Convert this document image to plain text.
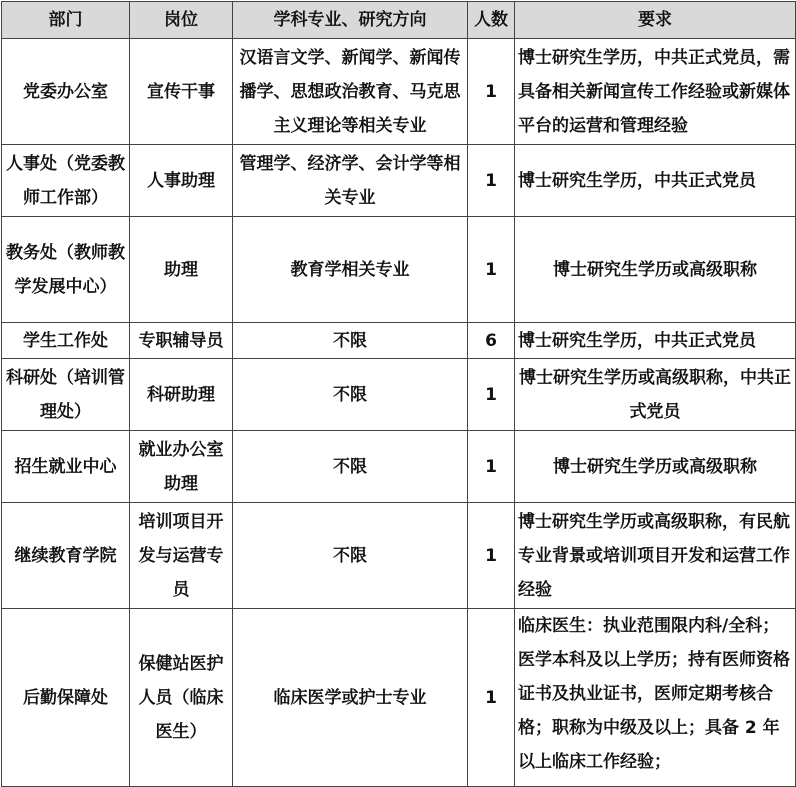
部门	岗位	学科专业、研究方向	人数	要求
党委办公室	宣传干事	汉语言文学、新闻学、新闻传播学、思想政治教育、马克思主义理论等相关专业	1	博士研究生学历，中共正式党员，需具备相关新闻宣传工作经验或新媒体平台的运营和管理经验
人事处（党委教师工作部）	人事助理	管理学、经济学、会计学等相关专业	1	博士研究生学历，中共正式党员
教务处（教师教学发展中心）	助理	教育学相关专业	1	博士研究生学历或高级职称
学生工作处	专职辅导员	不限	6	博士研究生学历，中共正式党员
科研处（培训管理处）	科研助理	不限	1	博士研究生学历或高级职称，中共正式党员
招生就业中心	就业办公室助理	不限	1	博士研究生学历或高级职称
继续教育学院	培训项目开发与运营专员	不限	1	博士研究生学历或高级职称，有民航专业背景或培训项目开发和运营工作经验
后勤保障处	保健站医护人员（临床医生）	临床医学或护士专业	1	临床医生：执业范围限内科/全科；医学本科及以上学历；持有医师资格证书及执业证书，医师定期考核合格；职称为中级及以上；具备 2 年以上临床工作经验；
